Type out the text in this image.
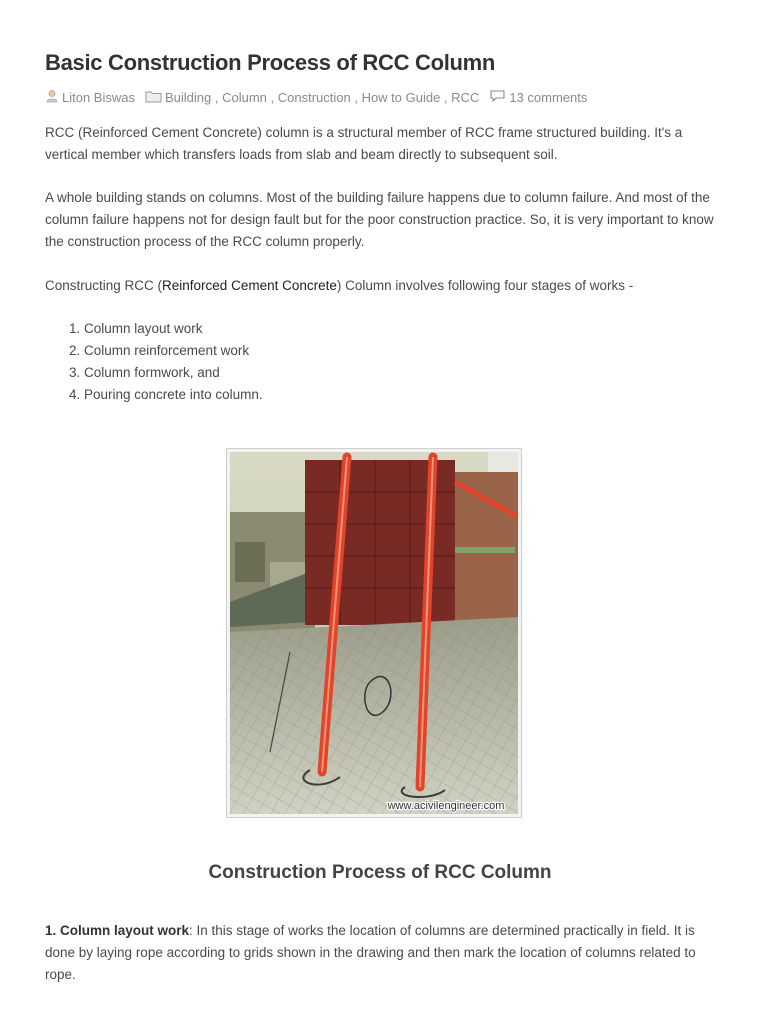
Basic Construction Process of RCC Column
Liton Biswas Building , Column , Construction , How to Guide , RCC 13 comments

RCC (Reinforced Cement Concrete) column is a structural member of RCC frame structured building. It's a vertical member which transfers loads from slab and beam directly to subsequent soil.

A whole building stands on columns. Most of the building failure happens due to column failure. And most of the column failure happens not for design fault but for the poor construction practice. So, it is very important to know the construction process of the RCC column properly.

Constructing RCC (Reinforced Cement Concrete) Column involves following four stages of works -

1. Column layout work
2. Column reinforcement work
3. Column formwork, and
4. Pouring concrete into column.
www.acivilengineer.com
Construction Process of RCC Column

1. Column layout work: In this stage of works the location of columns are determined practically in field. It is done by laying rope according to grids shown in the drawing and then mark the location of columns related to rope.
